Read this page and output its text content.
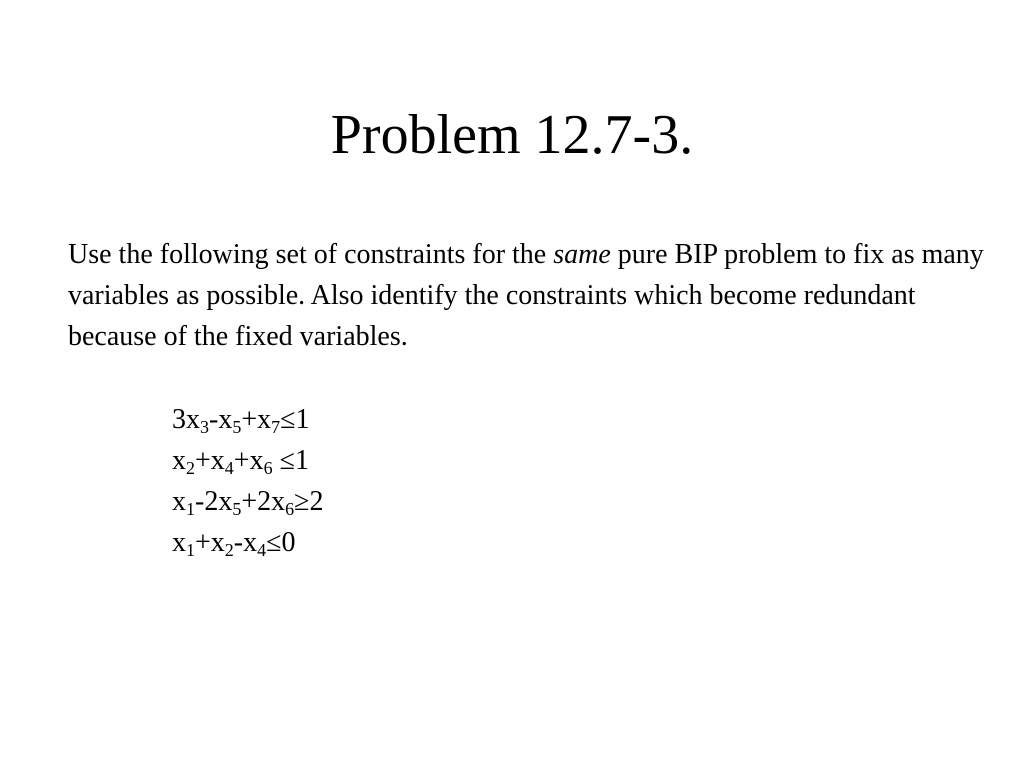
Problem 12.7-3.

Use the following set of constraints for the same pure BIP problem to fix as many variables as possible. Also identify the constraints which become redundant because of the fixed variables.

$3x_3-x_5+x_7\le 1$
$x_2+x_4+x_6 \le 1$
$x_1-2x_5+2x_6\ge 2$
$x_1+x_2-x_4\le 0$
